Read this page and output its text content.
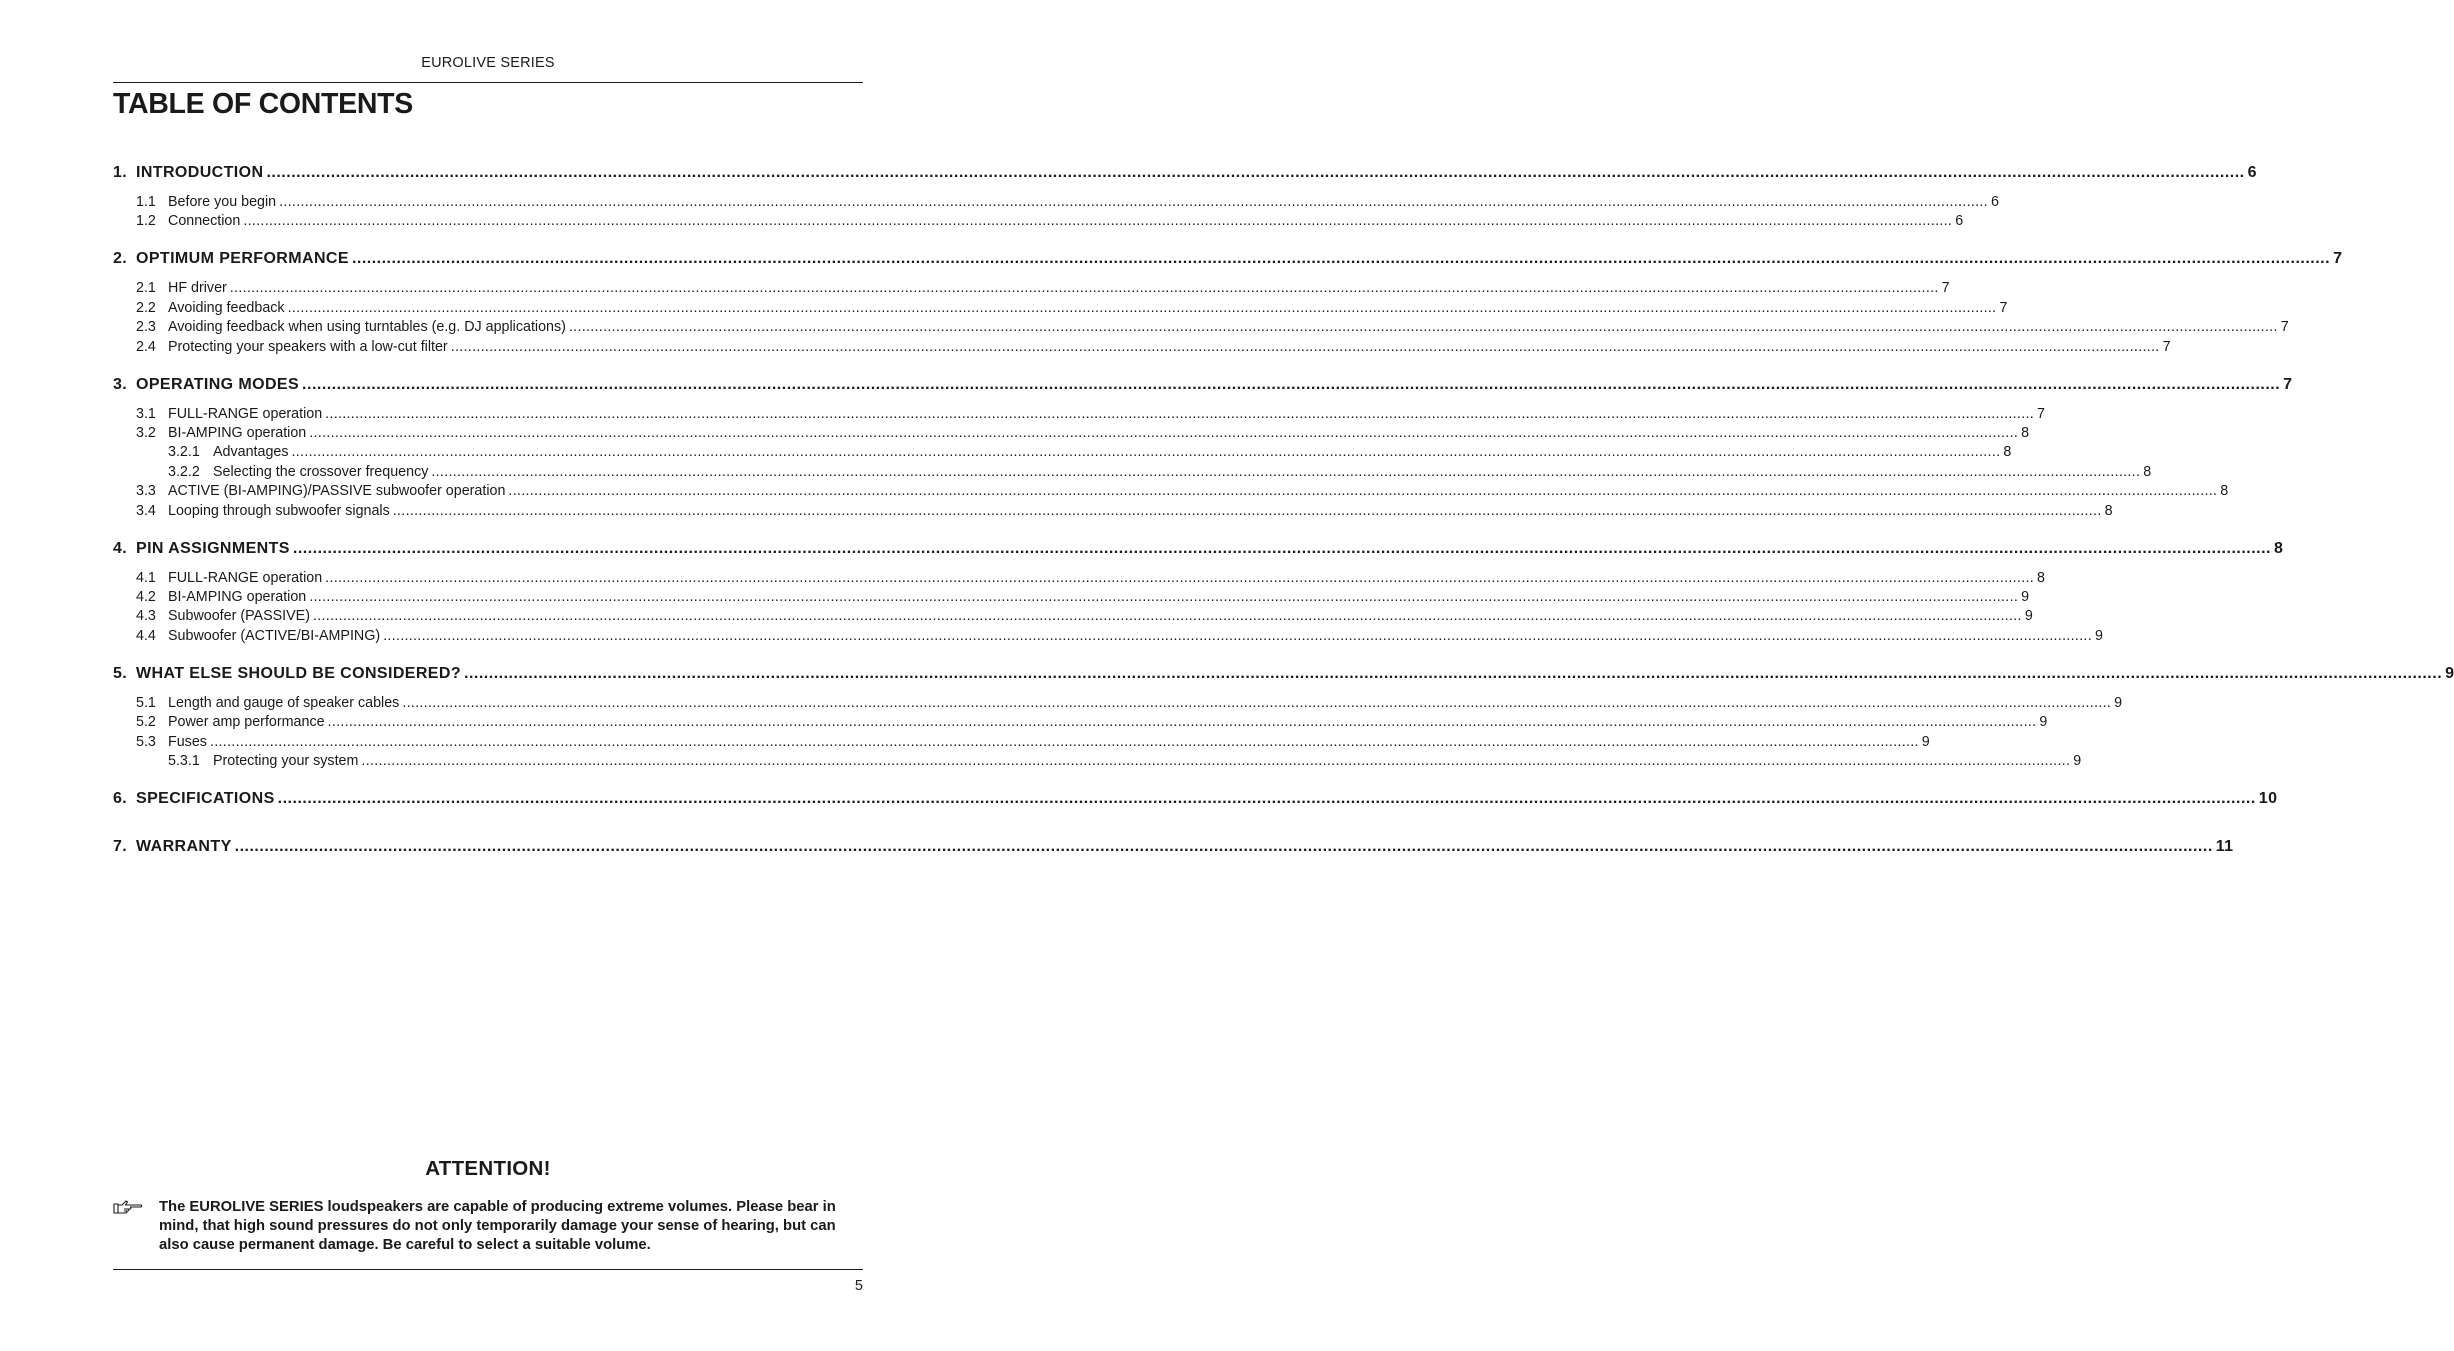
EUROLIVE SERIES
TABLE OF CONTENTS
1. INTRODUCTION ................................................................................................................................................................................................................................................................................................................................................................................................................ 6
1.1 Before you begin ................................................................................................................................................................................................................................................................................................................................................................................................................ 6
1.2 Connection ................................................................................................................................................................................................................................................................................................................................................................................................................ 6
2. OPTIMUM PERFORMANCE ................................................................................................................................................................................................................................................................................................................................................................................................................ 7
2.1 HF driver ................................................................................................................................................................................................................................................................................................................................................................................................................ 7
2.2 Avoiding feedback ................................................................................................................................................................................................................................................................................................................................................................................................................ 7
2.3 Avoiding feedback when using turntables (e.g. DJ applications) ................................................................................................................................................................................................................................................................................................................................................................................................................ 7
2.4 Protecting your speakers with a low-cut filter ................................................................................................................................................................................................................................................................................................................................................................................................................ 7
3. OPERATING MODES ................................................................................................................................................................................................................................................................................................................................................................................................................ 7
3.1 FULL-RANGE operation ................................................................................................................................................................................................................................................................................................................................................................................................................ 7
3.2 BI-AMPING operation ................................................................................................................................................................................................................................................................................................................................................................................................................ 8
3.2.1 Advantages ................................................................................................................................................................................................................................................................................................................................................................................................................ 8
3.2.2 Selecting the crossover frequency ................................................................................................................................................................................................................................................................................................................................................................................................................ 8
3.3 ACTIVE (BI-AMPING)/PASSIVE subwoofer operation ................................................................................................................................................................................................................................................................................................................................................................................................................ 8
3.4 Looping through subwoofer signals ................................................................................................................................................................................................................................................................................................................................................................................................................ 8
4. PIN ASSIGNMENTS ................................................................................................................................................................................................................................................................................................................................................................................................................ 8
4.1 FULL-RANGE operation ................................................................................................................................................................................................................................................................................................................................................................................................................ 8
4.2 BI-AMPING operation ................................................................................................................................................................................................................................................................................................................................................................................................................ 9
4.3 Subwoofer (PASSIVE) ................................................................................................................................................................................................................................................................................................................................................................................................................ 9
4.4 Subwoofer (ACTIVE/BI-AMPING) ................................................................................................................................................................................................................................................................................................................................................................................................................ 9
5. WHAT ELSE SHOULD BE CONSIDERED? ................................................................................................................................................................................................................................................................................................................................................................................................................ 9
5.1 Length and gauge of speaker cables ................................................................................................................................................................................................................................................................................................................................................................................................................ 9
5.2 Power amp performance ................................................................................................................................................................................................................................................................................................................................................................................................................ 9
5.3 Fuses ................................................................................................................................................................................................................................................................................................................................................................................................................ 9
5.3.1 Protecting your system ................................................................................................................................................................................................................................................................................................................................................................................................................ 9
6. SPECIFICATIONS ................................................................................................................................................................................................................................................................................................................................................................................................................ 10
7. WARRANTY ................................................................................................................................................................................................................................................................................................................................................................................................................ 11
ATTENTION!

The EUROLIVE SERIES loudspeakers are capable of producing extreme volumes. Please bear in mind, that high sound pressures do not only temporarily damage your sense of hearing, but can also cause permanent damage. Be careful to select a suitable volume.

5
